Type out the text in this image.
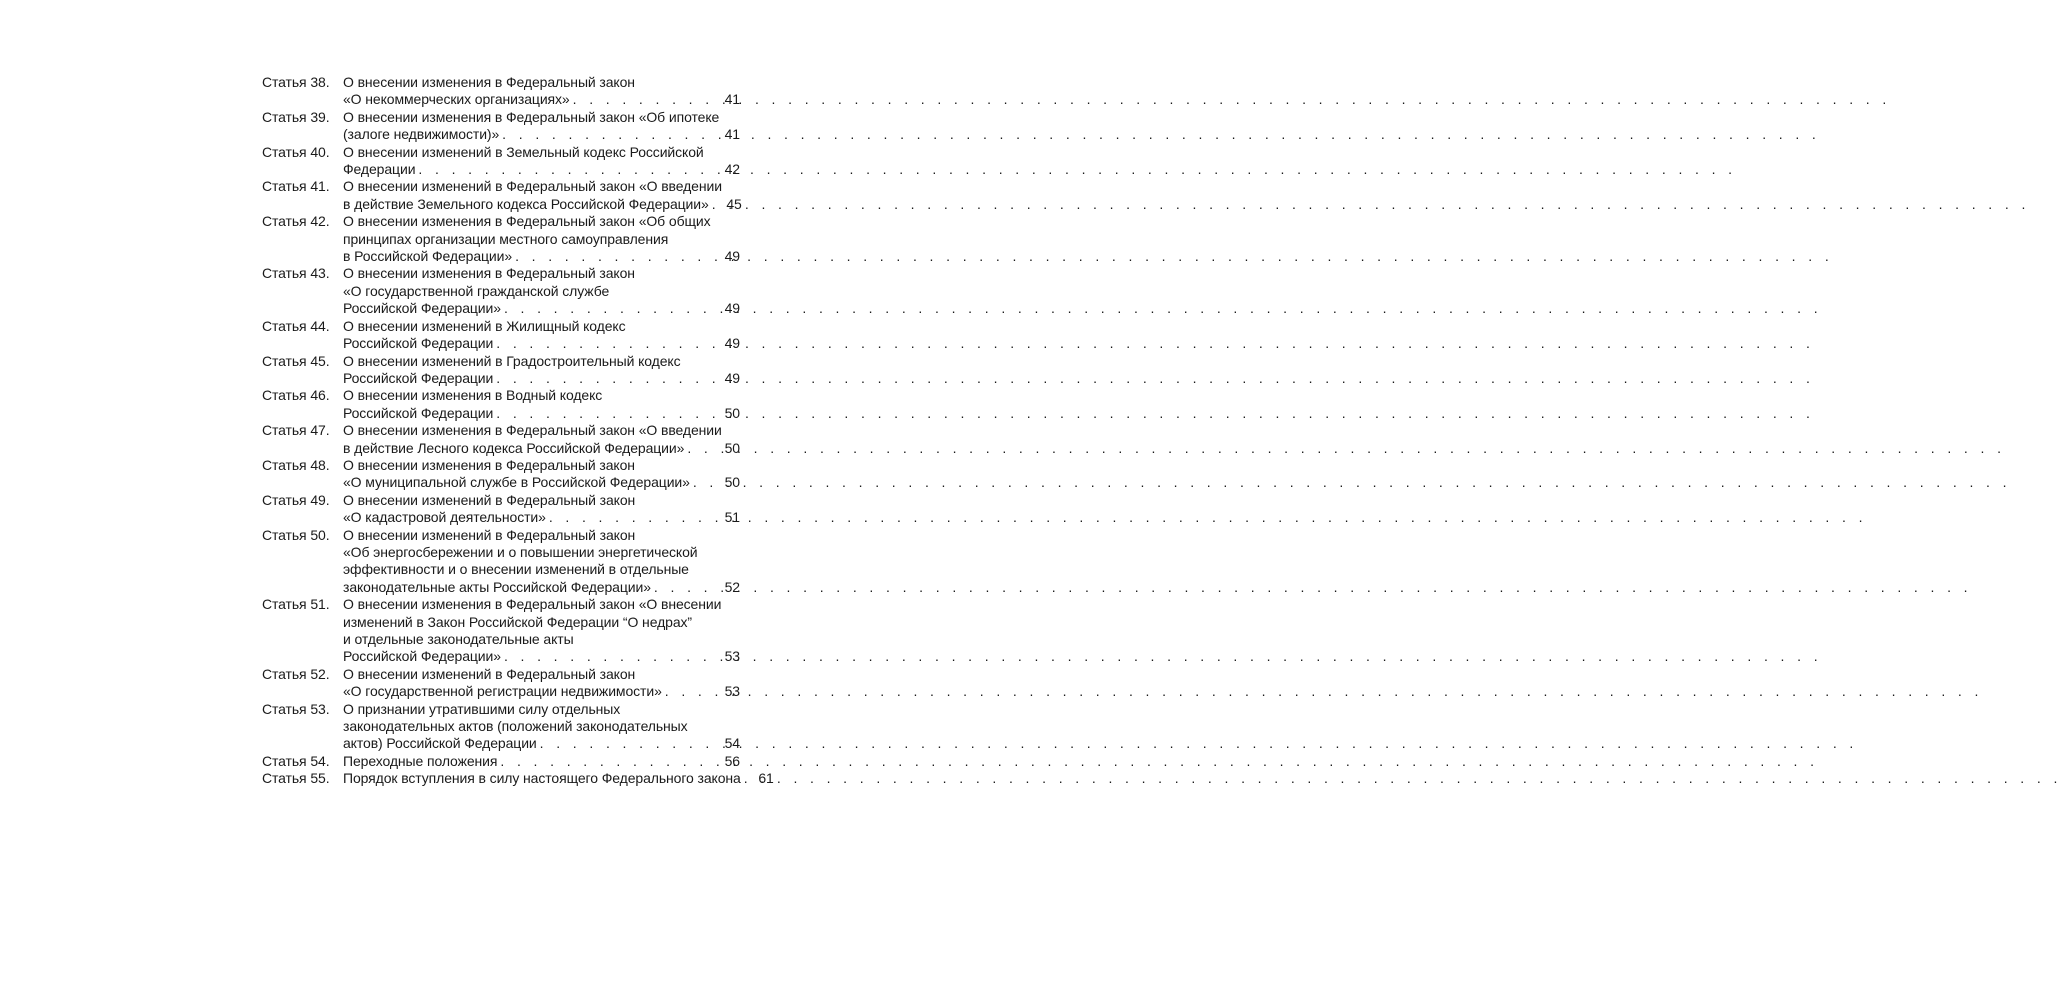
Статья 38. О внесении изменения в Федеральный закон
«О некоммерческих организациях» . . .	41
Статья 39. О внесении изменения в Федеральный закон «Об ипотеке
(залоге недвижимости)» . . .	41
Статья 40. О внесении изменений в Земельный кодекс Российской
Федерации . . .	42
Статья 41. О внесении изменений в Федеральный закон «О введении
в действие Земельного кодекса Российской Федерации» . . .	45
Статья 42. О внесении изменения в Федеральный закон «Об общих
принципах организации местного самоуправления
в Российской Федерации» . . .	49
Статья 43. О внесении изменения в Федеральный закон
«О государственной гражданской службе
Российской Федерации» . . .	49
Статья 44. О внесении изменений в Жилищный кодекс
Российской Федерации . . .	49
Статья 45. О внесении изменений в Градостроительный кодекс
Российской Федерации . . .	49
Статья 46. О внесении изменения в Водный кодекс
Российской Федерации . . .	50
Статья 47. О внесении изменения в Федеральный закон «О введении
в действие Лесного кодекса Российской Федерации» . . .	50
Статья 48. О внесении изменения в Федеральный закон
«О муниципальной службе в Российской Федерации» . . .	50
Статья 49. О внесении изменений в Федеральный закон
«О кадастровой деятельности» . . .	51
Статья 50. О внесении изменений в Федеральный закон
«Об энергосбережении и о повышении энергетической
эффективности и о внесении изменений в отдельные
законодательные акты Российской Федерации» . . .	52
Статья 51. О внесении изменения в Федеральный закон «О внесении
изменений в Закон Российской Федерации “О недрах”
и отдельные законодательные акты
Российской Федерации» . . .	53
Статья 52. О внесении изменений в Федеральный закон
«О государственной регистрации недвижимости» . . .	53
Статья 53. О признании утратившими силу отдельных
законодательных актов (положений законодательных
актов) Российской Федерации . . .	54
Статья 54. Переходные положения . . .	56
Статья 55. Порядок вступления в силу настоящего Федерального закона . . .	61
